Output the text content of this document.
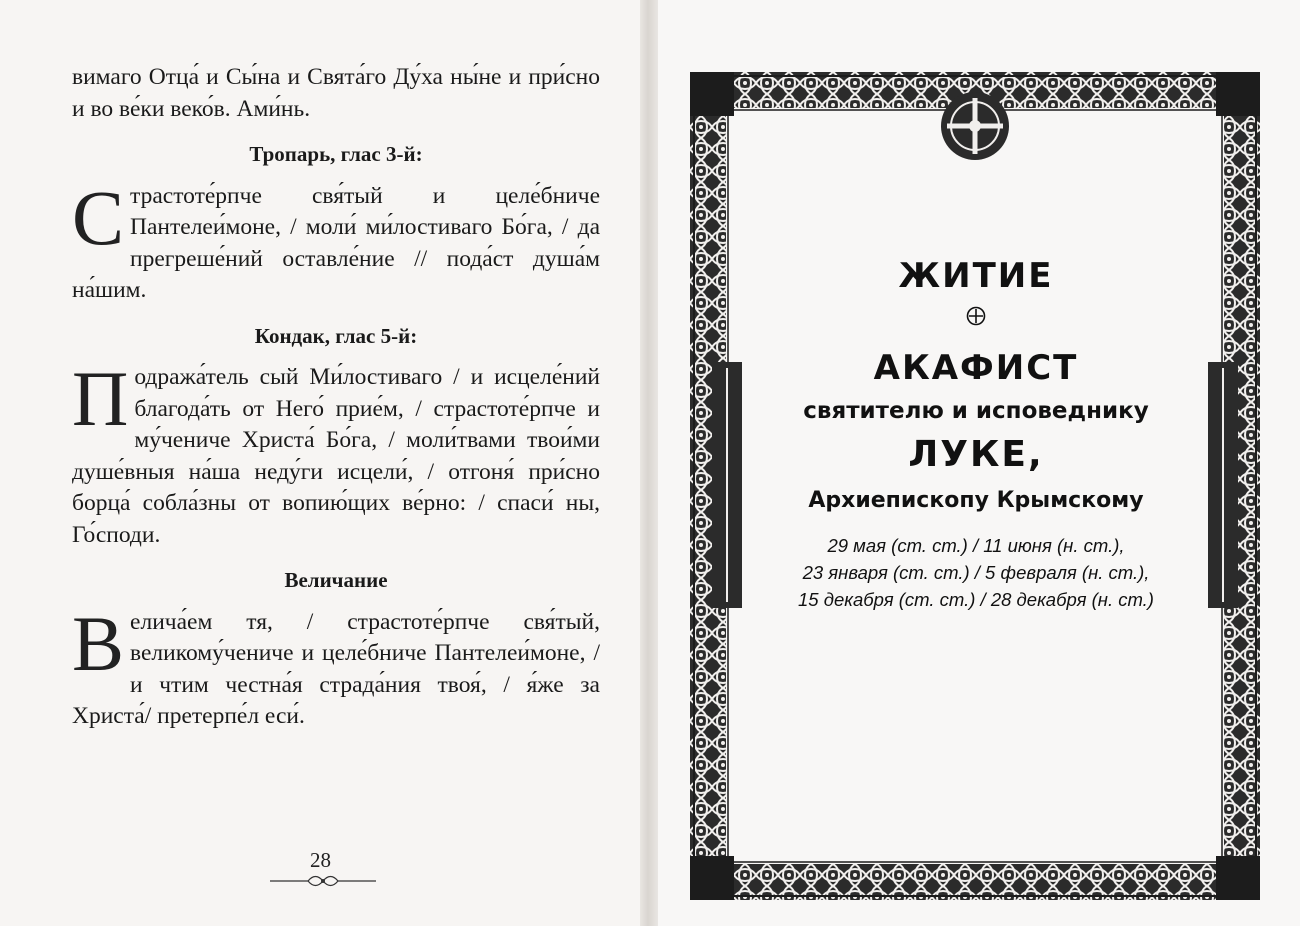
вимаго Отца́ и Сы́на и Свята́го Ду́ха ны́не и при́сно и во ве́ки веко́в. Ами́нь.

Тропарь, глас 3-й:

Страстоте́рпче свя́тый и целе́бниче Пантелеи́моне, / моли́ ми́лостиваго Бо́га, / да прегреше́ний оставле́ние // пода́ст душа́м на́шим.

Кондак, глас 5-й:

Подража́тель сый Ми́лостиваго / и исцеле́ний благода́ть от Него́ прие́м, / страстоте́рпче и му́чениче Христа́ Бо́га, / моли́твами твои́ми душе́вныя на́ша неду́ги исцели́, / отгоня́ при́сно борца́ собла́зны от вопию́щих ве́рно: / спаси́ ны, Го́споди.

Величание

Велича́ем тя, / страстоте́рпче свя́тый, великому́чениче и целе́бниче Пантелеи́моне, / и чтим честна́я страда́ния твоя́, / я́же за Христа́/ претерпе́л еси́.

28
ЖИТИЕ
АКАФИСТ
святителю и исповеднику
ЛУКЕ,
Архиепископу Крымскому
29 мая (ст. ст.) / 11 июня (н. ст.),
23 января (ст. ст.) / 5 февраля (н. ст.),
15 декабря (ст. ст.) / 28 декабря (н. ст.)
